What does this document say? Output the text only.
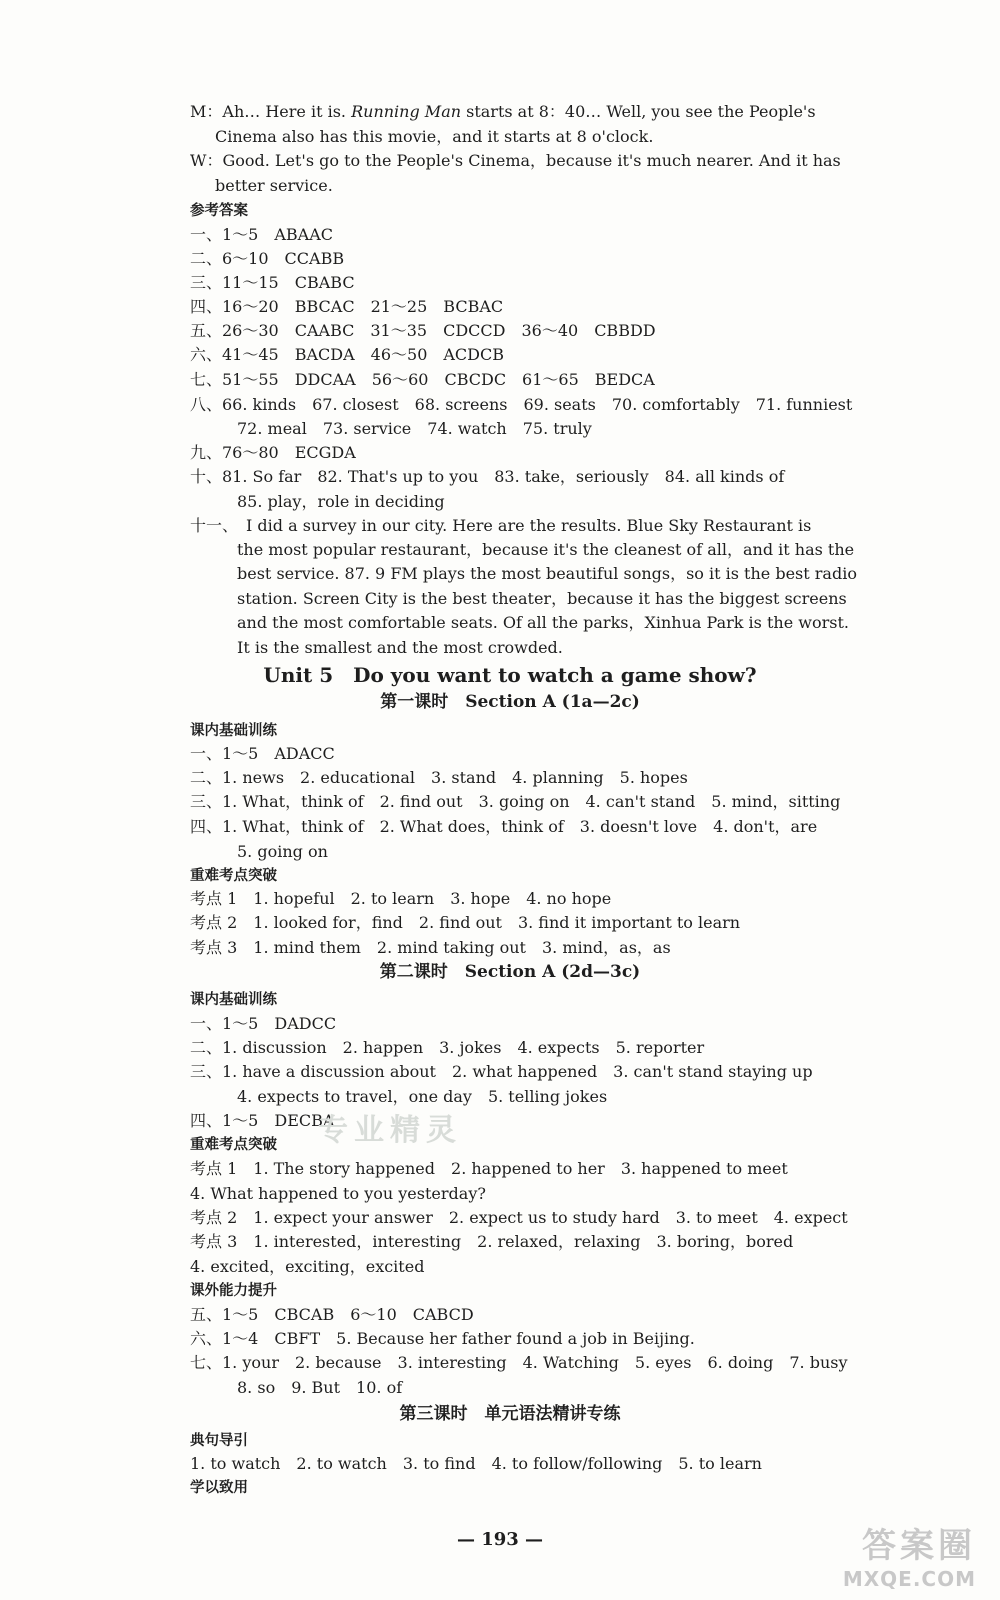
M：Ah… Here it is. Running Man starts at 8：40… Well, you see the People's
Cinema also has this movie，and it starts at 8 o'clock.
W：Good. Let's go to the People's Cinema，because it's much nearer. And it has
better service.
参考答案
一、1～5　ABAAC
二、6～10　CCABB
三、11～15　CBABC
四、16～20　BBCAC　21～25　BCBAC
五、26～30　CAABC　31～35　CDCCD　36～40　CBBDD
六、41～45　BACDA　46～50　ACDCB
七、51～55　DDCAA　56～60　CBCDC　61～65　BEDCA
八、66. kinds　67. closest　68. screens　69. seats　70. comfortably　71. funniest
72. meal　73. service　74. watch　75. truly
九、76～80　ECGDA
十、81. So far　82. That's up to you　83. take，seriously　84. all kinds of
85. play，role in deciding
十一、　I did a survey in our city. Here are the results. Blue Sky Restaurant is
the most popular restaurant，because it's the cleanest of all，and it has the
best service. 87. 9 FM plays the most beautiful songs，so it is the best radio
station. Screen City is the best theater，because it has the biggest screens
and the most comfortable seats. Of all the parks，Xinhua Park is the worst.
It is the smallest and the most crowded.
Unit 5　Do you want to watch a game show?
第一课时　Section A (1a—2c)
课内基础训练
一、1～5　ADACC
二、1. news　2. educational　3. stand　4. planning　5. hopes
三、1. What，think of　2. find out　3. going on　4. can't stand　5. mind，sitting
四、1. What，think of　2. What does，think of　3. doesn't love　4. don't，are
5. going on
重难考点突破
考点 1　1. hopeful　2. to learn　3. hope　4. no hope
考点 2　1. looked for，find　2. find out　3. find it important to learn
考点 3　1. mind them　2. mind taking out　3. mind，as，as
第二课时　Section A (2d—3c)
课内基础训练
一、1～5　DADCC
二、1. discussion　2. happen　3. jokes　4. expects　5. reporter
三、1. have a discussion about　2. what happened　3. can't stand staying up
4. expects to travel，one day　5. telling jokes
四、1～5　DECBA
重难考点突破
考点 1　1. The story happened　2. happened to her　3. happened to meet
4. What happened to you yesterday?
考点 2　1. expect your answer　2. expect us to study hard　3. to meet　4. expect
考点 3　1. interested，interesting　2. relaxed，relaxing　3. boring，bored
4. excited，exciting，excited
课外能力提升
五、1～5　CBCAB　6～10　CABCD
六、1～4　CBFT　5. Because her father found a job in Beijing.
七、1. your　2. because　3. interesting　4. Watching　5. eyes　6. doing　7. busy
8. so　9. But　10. of
第三课时　单元语法精讲专练
典句导引
1. to watch　2. to watch　3. to find　4. to follow/following　5. to learn
学以致用
— 193 —
专业精灵
答案圈
MXQE.COM
